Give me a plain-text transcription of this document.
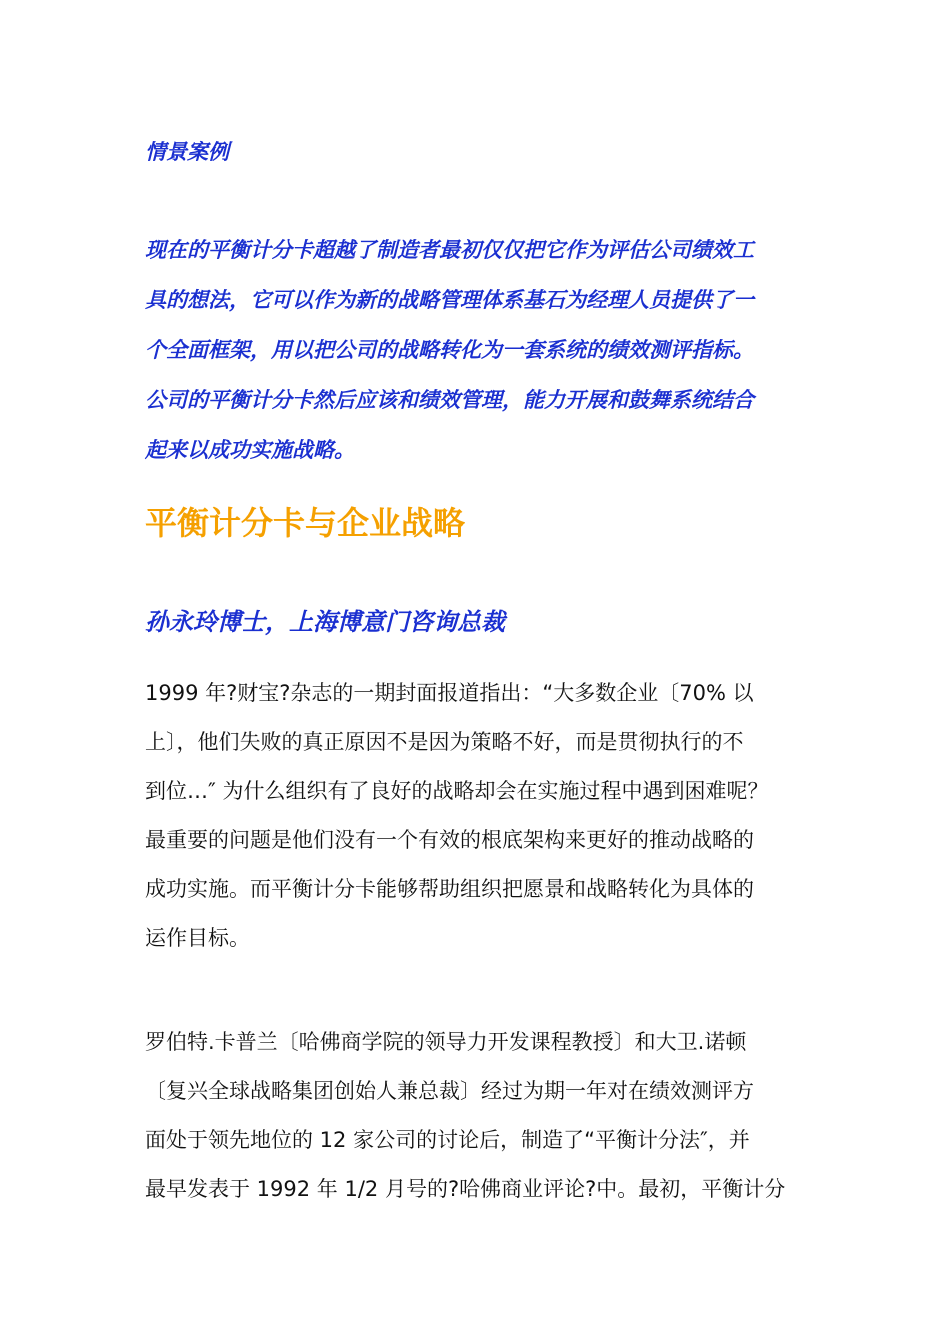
情景案例

现在的平衡计分卡超越了制造者最初仅仅把它作为评估公司绩效工
具的想法，它可以作为新的战略管理体系基石为经理人员提供了一
个全面框架，用以把公司的战略转化为一套系统的绩效测评指标。
公司的平衡计分卡然后应该和绩效管理，能力开展和鼓舞系统结合
起来以成功实施战略。
平衡计分卡与企业战略
孙永玲博士，上海博意门咨询总裁
1999 年?财宝?杂志的一期封面报道指出：“大多数企业〔70% 以
上〕，他们失败的真正原因不是因为策略不好，而是贯彻执行的不
到位…″ 为什么组织有了良好的战略却会在实施过程中遇到困难呢？
最重要的问题是他们没有一个有效的根底架构来更好的推动战略的
成功实施。而平衡计分卡能够帮助组织把愿景和战略转化为具体的
运作目标。
罗伯特.卡普兰〔哈佛商学院的领导力开发课程教授〕和大卫.诺顿
〔复兴全球战略集团创始人兼总裁〕经过为期一年对在绩效测评方
面处于领先地位的 12 家公司的讨论后，制造了“平衡计分法″，并
最早发表于 1992 年 1/2 月号的?哈佛商业评论?中。最初，平衡计分
